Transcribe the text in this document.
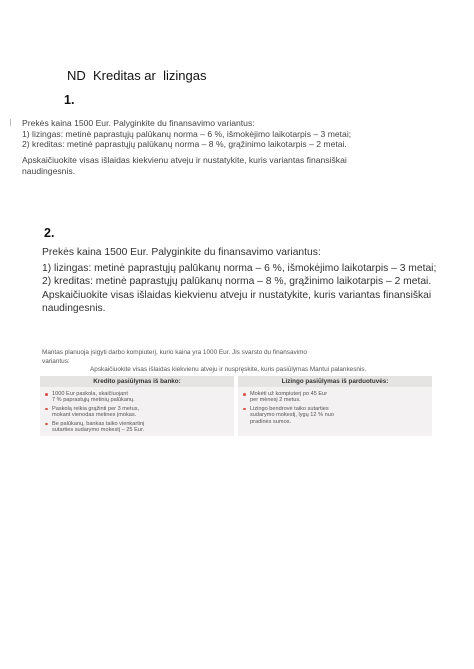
ND  Kreditas ar  lizingas
1.
Prekės kaina 1500 Eur. Palyginkite du finansavimo variantus:
1) lizingas: metinė paprastųjų palūkanų norma – 6 %, išmokėjimo laikotarpis – 3 metai;
2) kreditas: metinė paprastųjų palūkanų norma – 8 %, grąžinimo laikotarpis – 2 metai.
Apskaičiuokite visas išlaidas kiekvienu atveju ir nustatykite, kuris variantas finansiškai
naudingesnis.
2.
Prekės kaina 1500 Eur. Palyginkite du finansavimo variantus:
1) lizingas: metinė paprastųjų palūkanų norma – 6 %, išmokėjimo laikotarpis – 3 metai;
2) kreditas: metinė paprastųjų palūkanų norma – 8 %, grąžinimo laikotarpis – 2 metai.
Apskaičiuokite visas išlaidas kiekvienu atveju ir nustatykite, kuris variantas finansiškai
naudingesnis.
Mantas planuoja įsigyti darbo kompiuterį, kurio kaina yra 1000 Eur. Jis svarsto du finansavimo
variantus:
Apskaičiuokite visas išlaidas kiekvienu atveju ir nuspręskite, kuris pasiūlymas Mantui palankesnis.
Kredito pasiūlymas iš banko:
1000 Eur paskola, skaičiuojant
7 % paprastųjų metinių palūkanų.
Paskolą reikia grąžinti per 3 metus,
mokant vienodas metines įmokas.
Be palūkanų, bankas taiko vienkartinį
sutarties sudarymo mokestį – 25 Eur.
Lizingo pasiūlymas iš parduotuvės:
Mokėti už kompiuterį po 45 Eur
per mėnesį 2 metus.
Lizingo bendrovė taiko sutarties
sudarymo mokestį, lygų 12 % nuo
pradinės sumos.
